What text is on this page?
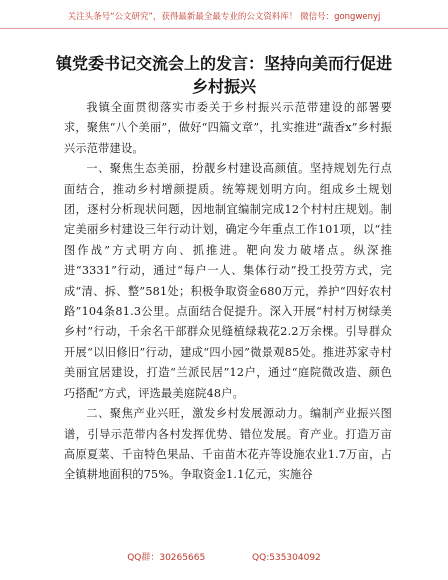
关注头条号“公文研究”，获得最新最全最专业的公文资料库！ 微信号：gongwenyj
镇党委书记交流会上的发言：坚持向美而行促进乡村振兴

我镇全面贯彻落实市委关于乡村振兴示范带建设的部署要求，聚焦“八个美丽”，做好“四篇文章”，扎实推进“蔬香x”乡村振兴示范带建设。

一、聚焦生态美丽，扮靓乡村建设高颜值。坚持规划先行点面结合，推动乡村增颜提质。统筹规划明方向。组成乡土规划团，逐村分析现状问题，因地制宜编制完成12个村村庄规划。制定美丽乡村建设三年行动计划，确定今年重点工作101项，以“挂图作战”方式明方向、抓推进。靶向发力破堵点。纵深推进“3331”行动，通过“每户一人、集体行动”投工投劳方式，完成“清、拆、整”581处；积极争取资金680万元，养护“四好农村路”104条81.3公里。点面结合促提升。深入开展“村村万树绿美乡村”行动，千余名干部群众见缝植绿栽花2.2万余棵。引导群众开展“以旧修旧”行动，建成“四小园”微景观85处。推进苏家寺村美丽宜居建设，打造“兰派民居”12户，通过“庭院微改造、颜色巧搭配”方式，评选最美庭院48户。

二、聚焦产业兴旺，激发乡村发展源动力。编制产业振兴图谱，引导示范带内各村发挥优势、错位发展。育产业。打造万亩高原夏菜、千亩特色果品、千亩苗木花卉等设施农业1.7万亩，占全镇耕地面积的75%。争取资金1.1亿元，实施谷

QQ群：30265665	QQ:535304092
